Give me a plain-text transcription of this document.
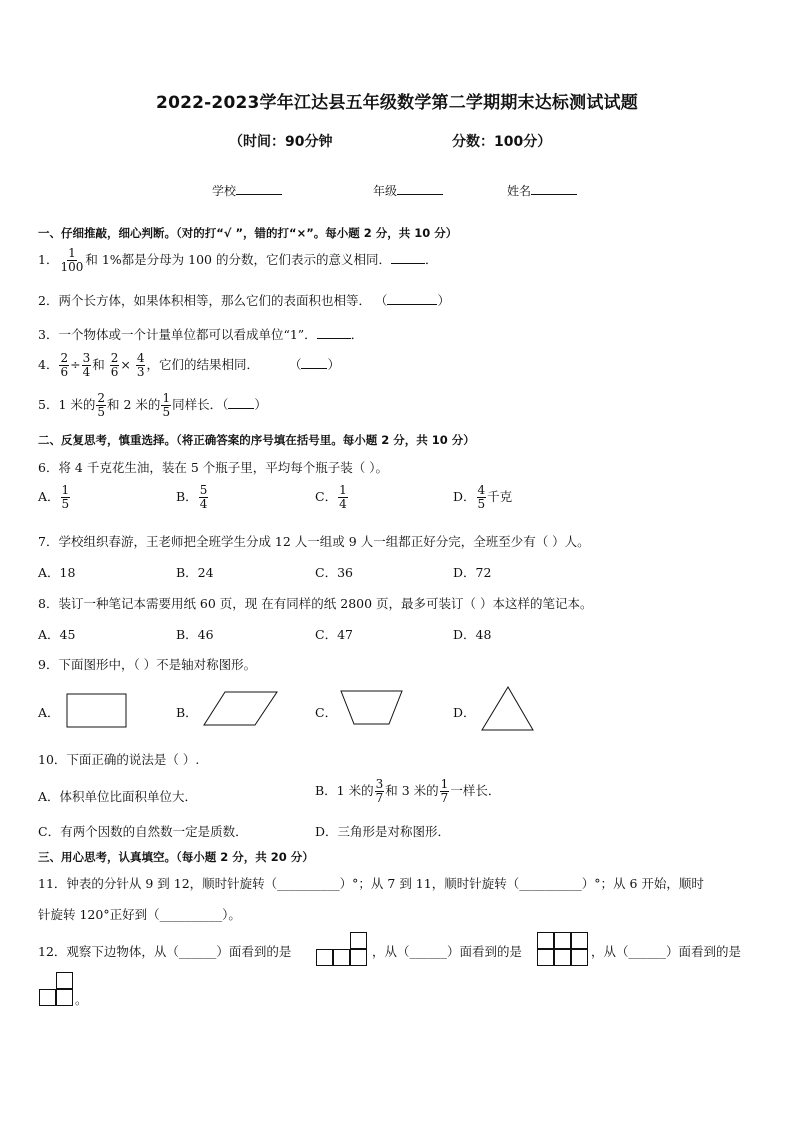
2022-2023学年江达县五年级数学第二学期期末达标测试试题
（时间：90分钟	分数：100分）
学校	年级	姓名
一、仔细推敲，细心判断。（对的打“√ ”，错的打“×”。每小题 2 分，共 10 分）
1． $\frac{1}{100}$ 和 1%都是分母为 100 的分数，它们表示的意义相同．	．
2．两个长方体，如果体积相等，那么它们的表面积也相等． （	）
3．一个物体或一个计量单位都可以看成单位“1”．	．
4． $\frac{2}{6} \div \frac{3}{4}$ 和 $\frac{2}{6} \times \frac{4}{3}$ ，它们的结果相同． （ ）
5．1 米的 $\frac{2}{5}$ 和 2 米的 $\frac{1}{5}$ 同样长．（ ）
二、反复思考，慎重选择。（将正确答案的序号填在括号里。每小题 2 分，共 10 分）
6．将 4 千克花生油，装在 5 个瓶子里，平均每个瓶子装（ ）。
A． $\frac{1}{5}$	B． $\frac{5}{4}$	C． $\frac{1}{4}$	D． $\frac{4}{5}$ 千克
7．学校组织春游，王老师把全班学生分成 12 人一组或 9 人一组都正好分完，全班至少有（ ）人。
A．18	B．24	C．36	D．72
8．装订一种笔记本需要用纸 60 页，现 在有同样的纸 2800 页，最多可装订（ ）本这样的笔记本。
A．45	B．46	C．47	D．48
9．下面图形中，（ ）不是轴对称图形。
A．	B．	C．	D．
10．下面正确的说法是（ ）.
A．体积单位比面积单位大．	B．1 米的 $\frac{3}{7}$ 和 3 米的 $\frac{1}{7}$ 一样长．
C．有两个因数的自然数一定是质数．	D．三角形是对称图形．
三、用心思考，认真填空。（每小题 2 分，共 20 分）
11．钟表的分针从 9 到 12，顺时针旋转（__________）°；从 7 到 11，顺时针旋转（__________）°；从 6 开始，顺时
针旋转 120°正好到（__________）。
12．观察下边物体，从（______）面看到的是	，从（______）面看到的是	，从（______）面看到的是
。
